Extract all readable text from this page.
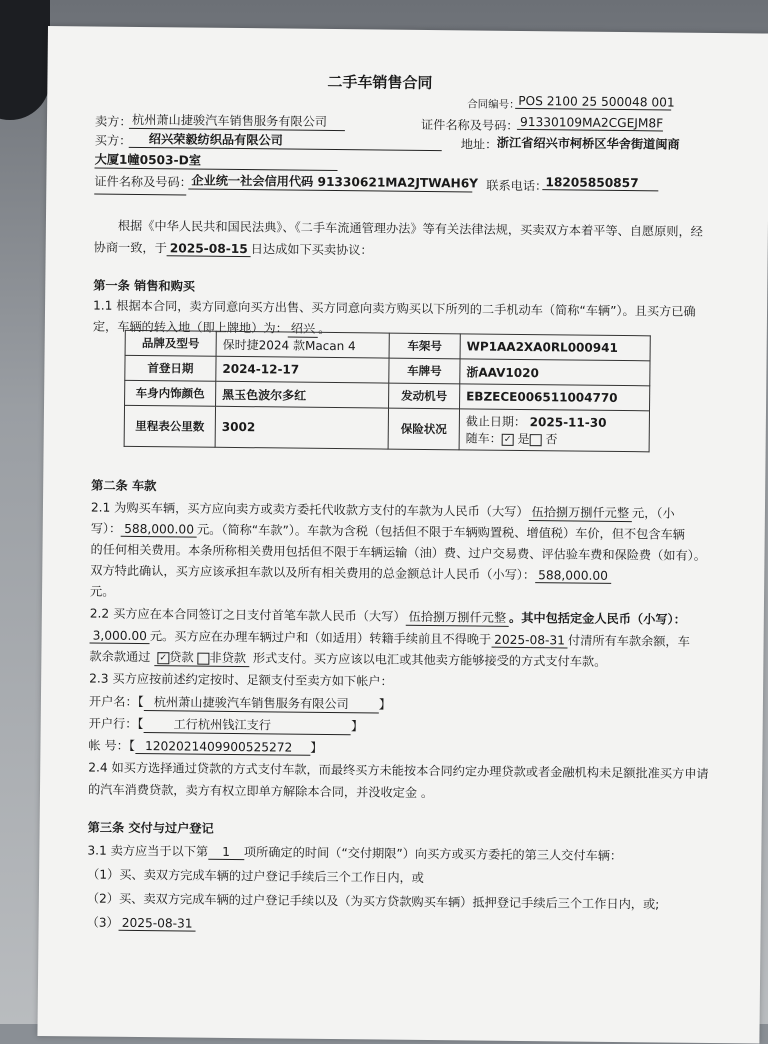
二手车销售合同
合同编号：
POS 2100 25 500048 001
卖方： 杭州萧山捷骏汽车销售服务有限公司	证件名称及号码： 91330109MA2CGEJM8F
买方：	绍兴荣毅纺织品有限公司	地址： 浙江省绍兴市柯桥区华舍街道闽商
大厦1幢0503-D室
证件名称及号码： 企业统一社会信用代码 91330621MA2JTWAH6Y 联系电话：
18205850857
根据《中华人民共和国民法典》、《二手车流通管理办法》等有关法律法规，买卖双方本着平等、自愿原则，经
协商一致，于 2025-08-15 日达成如下买卖协议：
第一条 销售和购买
1.1 根据本合同，卖方同意向买方出售、买方同意向卖方购买以下所列的二手机动车（简称“车辆”）。且买方已确
定，车辆的转入地（即上牌地）为： 绍兴 。
品牌及型号	保时捷2024 款Macan 4	车架号	WP1AA2XA0RL000941
首登日期	2024-12-17	车牌号	浙AAV1020
车身内饰颜色	黑玉色波尔多红	发动机号	EBZECE006511004770
里程表公里数	3002	保险状况	截止日期： 2025-11-30
随车： ✓ 是 否
第二条 车款
2.1 为购买车辆，买方应向卖方或卖方委托代收款方支付的车款为人民币（大写） 伍拾捌万捌仟元整 元，（小
写）： 588,000.00 元。（简称“车款”）。车款为含税（包括但不限于车辆购置税、增值税）车价，但不包含车辆
的任何相关费用。本条所称相关费用包括但不限于车辆运输（油）费、过户交易费、评估验车费和保险费（如有）。
双方特此确认，买方应该承担车款以及所有相关费用的总金额总计人民币（小写）： 588,000.00
元。
2.2 买方应在本合同签订之日支付首笔车款人民币（大写） 伍拾捌万捌仟元整 。其中包括定金人民币（小写）：
3,000.00 元。买方应在办理车辆过户和（如适用）转籍手续前且不得晚于 2025-08-31 付清所有车款余额，车
款余款通过 ✓ 贷款 非贷款 形式支付。买方应该以电汇或其他卖方能够接受的方式支付车款。
2.3 买方应按前述约定按时、足额支付至卖方如下帐户：
开户名：【 杭州萧山捷骏汽车销售服务有限公司 】
开户行：【 工行杭州钱江支行	】
帐 号：【 1202021409900525272 】
2.4 如买方选择通过贷款的方式支付车款，而最终买方未能按本合同约定办理贷款或者金融机构未足额批准买方申请
的汽车消费贷款，卖方有权立即单方解除本合同，并没收定金 。
第三条 交付与过户登记
3.1 卖方应当于以下第 1 项所确定的时间（“交付期限”）向买方或买方委托的第三人交付车辆：
（1）买、卖双方完成车辆的过户登记手续后三个工作日内，或
（2）买、卖双方完成车辆的过户登记手续以及（为买方贷款购买车辆）抵押登记手续后三个工作日内，或;
（3） 2025-08-31
